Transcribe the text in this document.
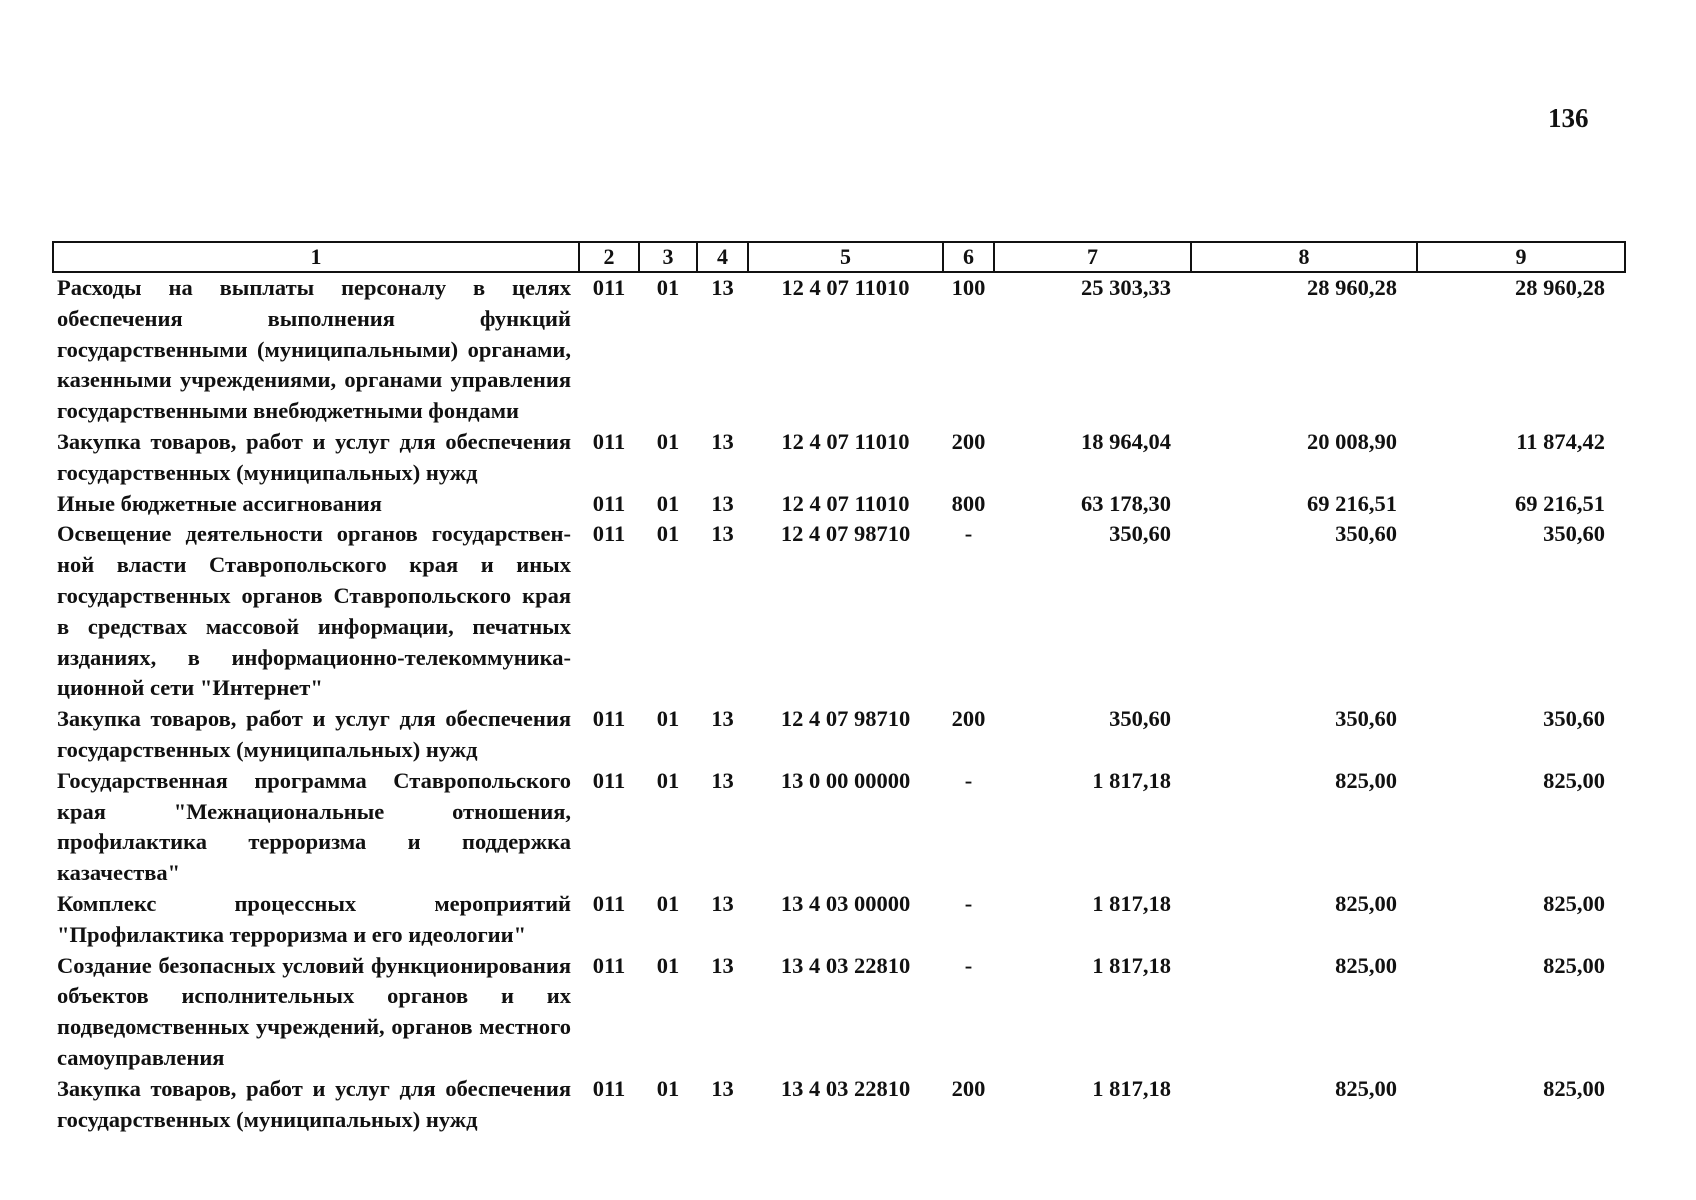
136
1	2	3	4	5	6	7	8	9
Расходы на выплаты персоналу в целях обеспечения выполнения функций государственными (муниципальными) органами, казенными учреждениями, органами управления государственными внебюджетными фондами	011	01	13	12 4 07 11010	100	25 303,33	28 960,28	28 960,28
Закупка товаров, работ и услуг для обеспечения государственных (муниципальных) нужд	011	01	13	12 4 07 11010	200	18 964,04	20 008,90	11 874,42
Иные бюджетные ассигнования	011	01	13	12 4 07 11010	800	63 178,30	69 216,51	69 216,51
Освещение деятельности органов государственной власти Ставропольского края и иных государственных органов Ставропольского края в средствах массовой информации, печатных изданиях, в информационно-телекоммуникационной сети "Интернет"	011	01	13	12 4 07 98710	-	350,60	350,60	350,60
Закупка товаров, работ и услуг для обеспечения государственных (муниципальных) нужд	011	01	13	12 4 07 98710	200	350,60	350,60	350,60
Государственная программа Ставропольского края "Межнациональные отношения, профилактика терроризма и поддержка казачества"	011	01	13	13 0 00 00000	-	1 817,18	825,00	825,00
Комплекс процессных мероприятий "Профилактика терроризма и его идеологии"	011	01	13	13 4 03 00000	-	1 817,18	825,00	825,00
Создание безопасных условий функционирования объектов исполнительных органов и их подведомственных учреждений, органов местного самоуправления	011	01	13	13 4 03 22810	-	1 817,18	825,00	825,00
Закупка товаров, работ и услуг для обеспечения государственных (муниципальных) нужд	011	01	13	13 4 03 22810	200	1 817,18	825,00	825,00
